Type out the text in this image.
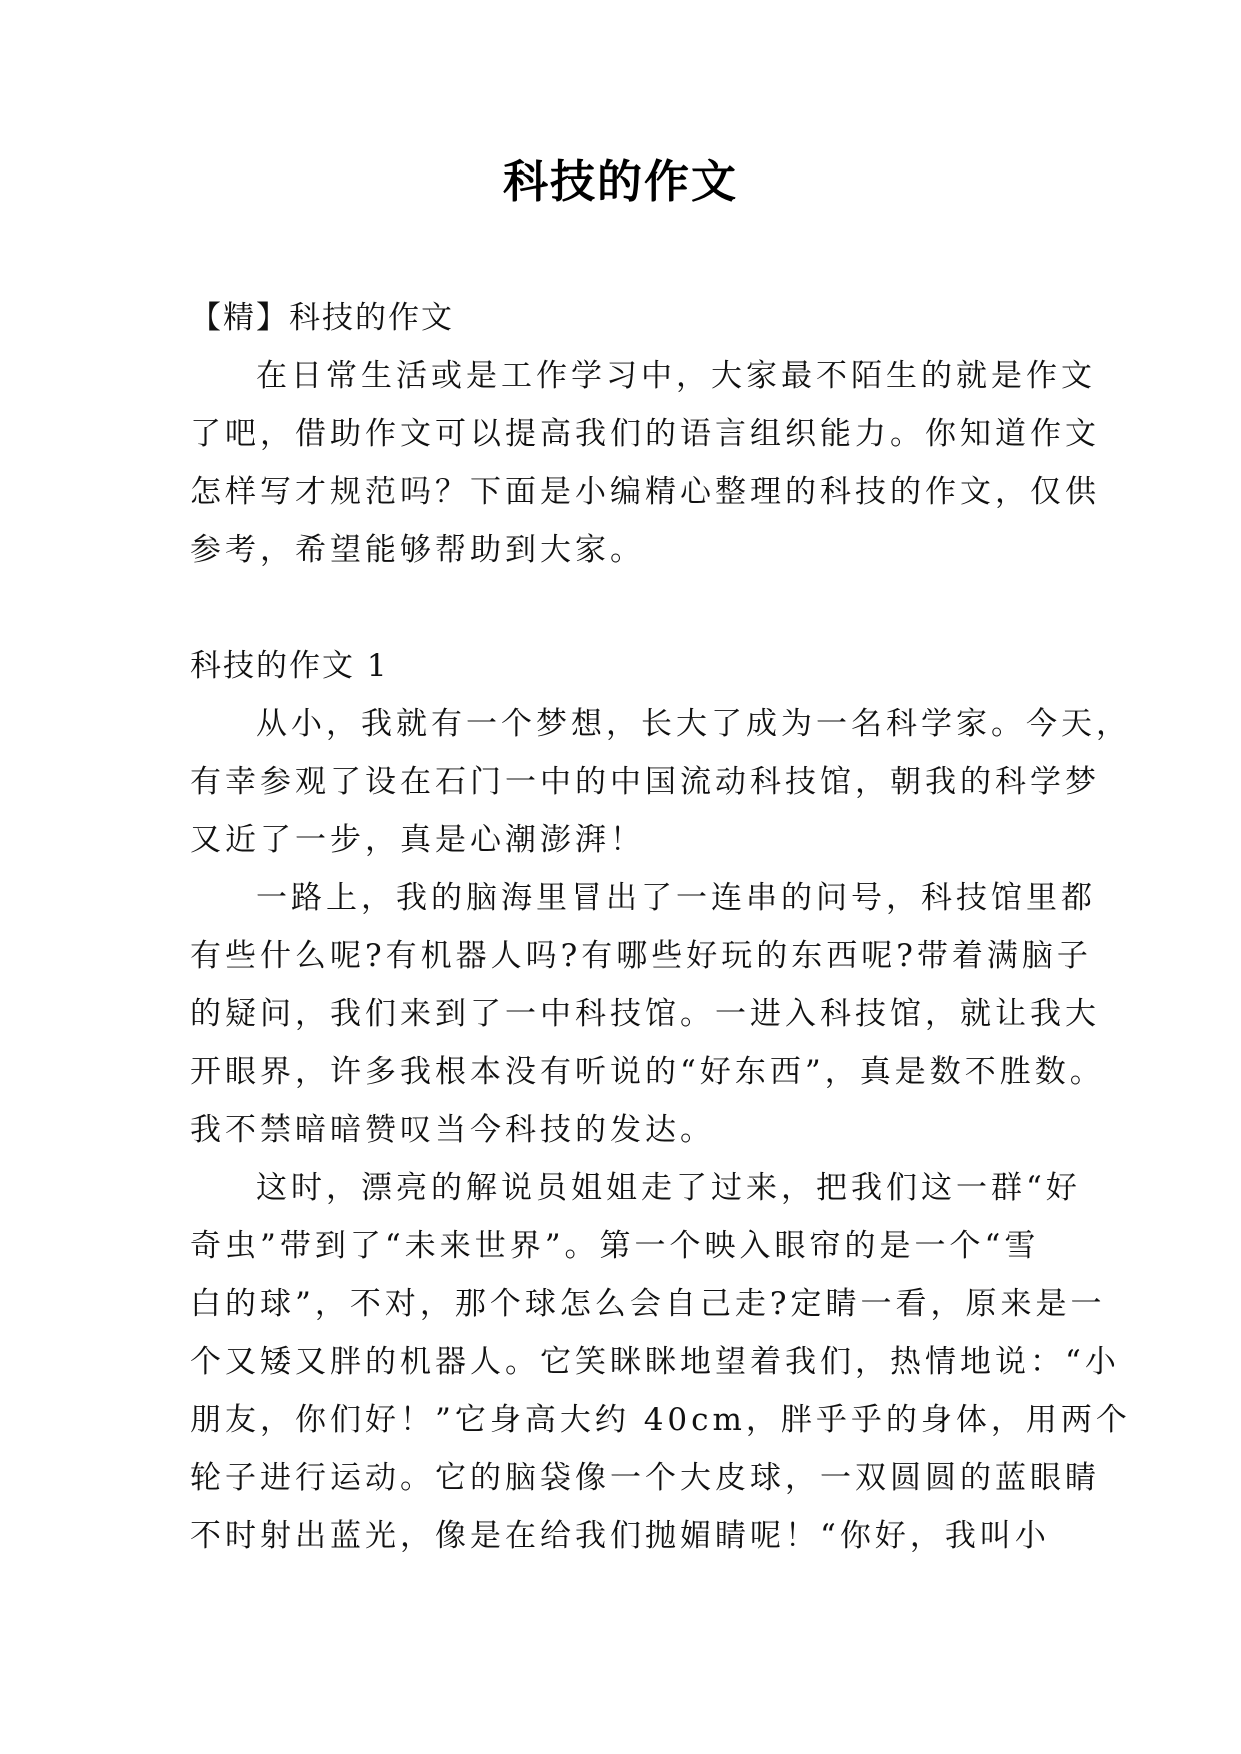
科技的作文
【精】科技的作文
在日常生活或是工作学习中，大家最不陌生的就是作文
了吧，借助作文可以提高我们的语言组织能力。你知道作文
怎样写才规范吗？下面是小编精心整理的科技的作文，仅供
参考，希望能够帮助到大家。
科技的作文 1
从小，我就有一个梦想，长大了成为一名科学家。今天，
有幸参观了设在石门一中的中国流动科技馆，朝我的科学梦
又近了一步，真是心潮澎湃！
一路上，我的脑海里冒出了一连串的问号，科技馆里都
有些什么呢?有机器人吗?有哪些好玩的东西呢?带着满脑子
的疑问，我们来到了一中科技馆。一进入科技馆，就让我大
开眼界，许多我根本没有听说的“好东西”，真是数不胜数。
我不禁暗暗赞叹当今科技的发达。
这时，漂亮的解说员姐姐走了过来，把我们这一群“好
奇虫”带到了“未来世界”。第一个映入眼帘的是一个“雪
白的球”，不对，那个球怎么会自己走?定睛一看，原来是一
个又矮又胖的机器人。它笑眯眯地望着我们，热情地说：“小
朋友，你们好！”它身高大约 40cm，胖乎乎的身体，用两个
轮子进行运动。它的脑袋像一个大皮球，一双圆圆的蓝眼睛
不时射出蓝光，像是在给我们抛媚睛呢！“你好，我叫小
